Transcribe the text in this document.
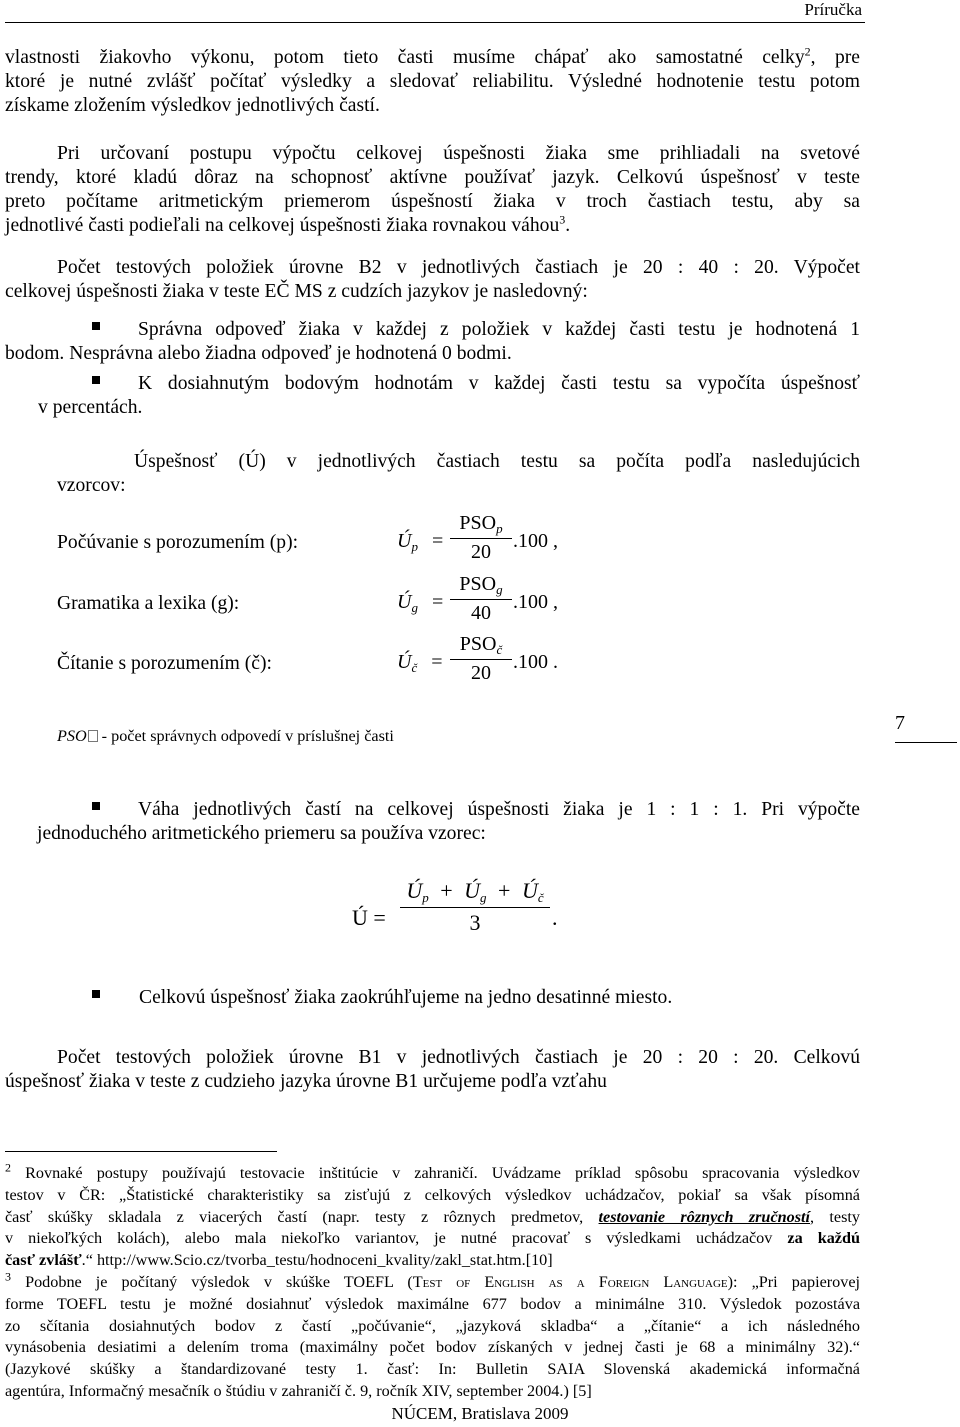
Príručka
vlastnosti žiakovho výkonu, potom tieto časti musíme chápať ako samostatné celky$^2$, pre
ktoré je nutné zvlášť počítať výsledky a sledovať reliabilitu. Výsledné hodnotenie testu potom
získame zložením výsledkov jednotlivých častí.
Pri určovaní postupu výpočtu celkovej úspešnosti žiaka sme prihliadali na svetové
trendy, ktoré kladú dôraz na schopnosť aktívne používať jazyk. Celkovú úspešnosť v teste
preto počítame aritmetickým priemerom úspešností žiaka v troch častiach testu, aby sa
jednotlivé časti podieľali na celkovej úspešnosti žiaka rovnakou váhou$^3$.
Počet testových položiek úrovne B2 v jednotlivých častiach je 20 : 40 : 20. Výpočet
celkovej úspešnosti žiaka v teste EČ MS z cudzích jazykov je nasledovný:
Správna odpoveď žiaka v každej z položiek v každej časti testu je hodnotená 1
bodom. Nesprávna alebo žiadna odpoveď je hodnotená 0 bodmi.
K dosiahnutým bodovým hodnotám v každej časti testu sa vypočíta úspešnosť
v percentách.
Úspešnosť (Ú) v jednotlivých častiach testu sa počíta podľa nasledujúcich
vzorcov:
Počúvanie s porozumením (p):	$Ú_p$ =
$PSO_p$
20	.100 ,
Gramatika a lexika (g):	$Ú_g$ =
$PSO_g$
40	.100 ,
Čítanie s porozumením (č):	$Ú_č$ =
$PSO_č$
20	.100 .
PSO - počet správnych odpovedí v príslušnej časti
7
Váha jednotlivých častí na celkovej úspešnosti žiaka je 1 : 1 : 1. Pri výpočte
jednoduchého aritmetického priemeru sa používa vzorec:
Ú = $\frac{Ú_p + Ú_g + Ú_č}{3}$ .
Celkovú úspešnosť žiaka zaokrúhľujeme na jedno desatinné miesto.
Počet testových položiek úrovne B1 v jednotlivých častiach je 20 : 20 : 20. Celkovú
úspešnosť žiaka v teste z cudzieho jazyka úrovne B1 určujeme podľa vzťahu
$^2$ Rovnaké postupy používajú testovacie inštitúcie v zahraničí. Uvádzame príklad spôsobu spracovania výsledkov
testov v ČR: „Štatistické charakteristiky sa zisťujú z celkových výsledkov uchádzačov, pokiaľ sa však písomná
časť skúšky skladala z viacerých častí (napr. testy z rôznych predmetov, testovanie rôznych zručností, testy
v niekoľkých kolách), alebo mala niekoľko variantov, je nutné pracovať s výsledkami uchádzačov za každú
časť zvlášť.“ http://www.Scio.cz/tvorba_testu/hodnoceni_kvality/zakl_stat.htm.[10]
$^3$ Podobne je počítaný výsledok v skúške TOEFL (Test of English as a Foreign Language): „Pri papierovej
forme TOEFL testu je možné dosiahnuť výsledok maximálne 677 bodov a minimálne 310. Výsledok pozostáva
zo sčítania dosiahnutých bodov z častí „počúvanie“, „jazyková skladba“ a „čítanie“ a ich následného
vynásobenia desiatimi a delením troma (maximálny počet bodov získaných v jednej časti je 68 a minimálny 32).“
(Jazykové skúšky a štandardizované testy 1. časť: In: Bulletin SAIA Slovenská akademická informačná
agentúra, Informačný mesačník o štúdiu v zahraničí č. 9, ročník XIV, september 2004.) [5]
NÚCEM, Bratislava 2009
